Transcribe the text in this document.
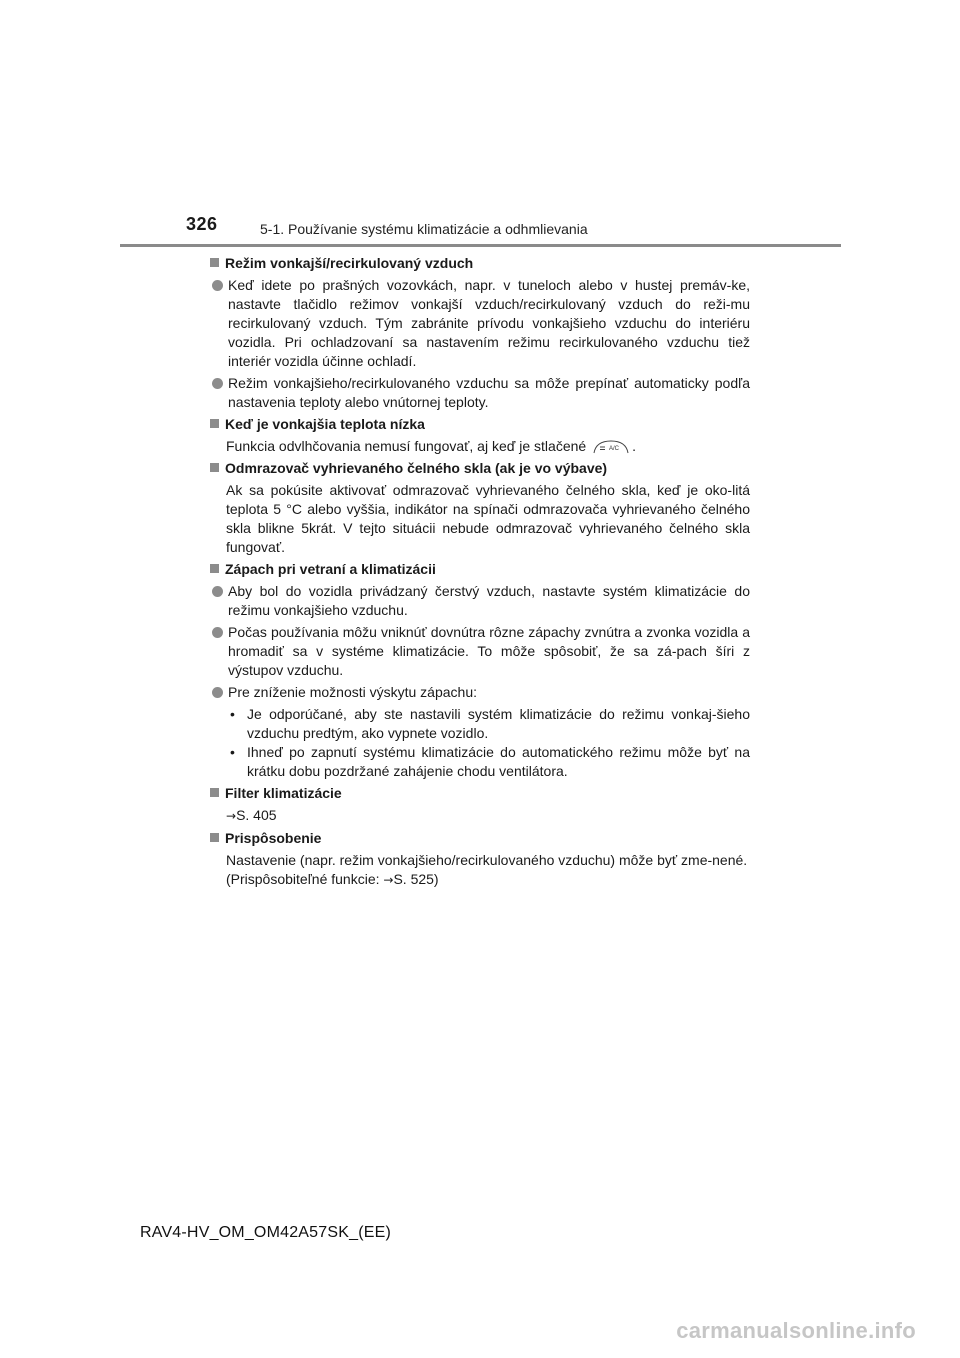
326	5-1. Používanie systému klimatizácie a odhmlievania
Režim vonkajší/recirkulovaný vzduch
Keď idete po prašných vozovkách, napr. v tuneloch alebo v hustej premáv-ke, nastavte tlačidlo režimov vonkajší vzduch/recirkulovaný vzduch do reži-mu recirkulovaný vzduch. Tým zabránite prívodu vonkajšieho vzduchu do interiéru vozidla. Pri ochladzovaní sa nastavením režimu recirkulovaného vzduchu tiež interiér vozidla účinne ochladí.
Režim vonkajšieho/recirkulovaného vzduchu sa môže prepínať automaticky podľa nastavenia teploty alebo vnútornej teploty.
Keď je vonkajšia teplota nízka
Funkcia odvlhčovania nemusí fungovať, aj keď je stlačené	A/C .
Odmrazovač vyhrievaného čelného skla (ak je vo výbave)
Ak sa pokúsite aktivovať odmrazovač vyhrievaného čelného skla, keď je oko-litá teplota 5 °C alebo vyššia, indikátor na spínači odmrazovača vyhrievaného čelného skla blikne 5krát. V tejto situácii nebude odmrazovač vyhrievaného čelného skla fungovať.
Zápach pri vetraní a klimatizácii
Aby bol do vozidla privádzaný čerstvý vzduch, nastavte systém klimatizácie do režimu vonkajšieho vzduchu.
Počas používania môžu vniknúť dovnútra rôzne zápachy zvnútra a zvonka vozidla a hromadiť sa v systéme klimatizácie. To môže spôsobiť, že sa zá-pach šíri z výstupov vzduchu.
Pre zníženie možnosti výskytu zápachu:
• Je odporúčané, aby ste nastavili systém klimatizácie do režimu vonkaj-šieho vzduchu predtým, ako vypnete vozidlo.
• Ihneď po zapnutí systému klimatizácie do automatického režimu môže byť na krátku dobu pozdržané zahájenie chodu ventilátora.
Filter klimatizácie
→S. 405
Prispôsobenie
Nastavenie (napr. režim vonkajšieho/recirkulovaného vzduchu) môže byť zme-nené.
(Prispôsobiteľné funkcie: →S. 525)
RAV4-HV_OM_OM42A57SK_(EE)
carmanualsonline.info
